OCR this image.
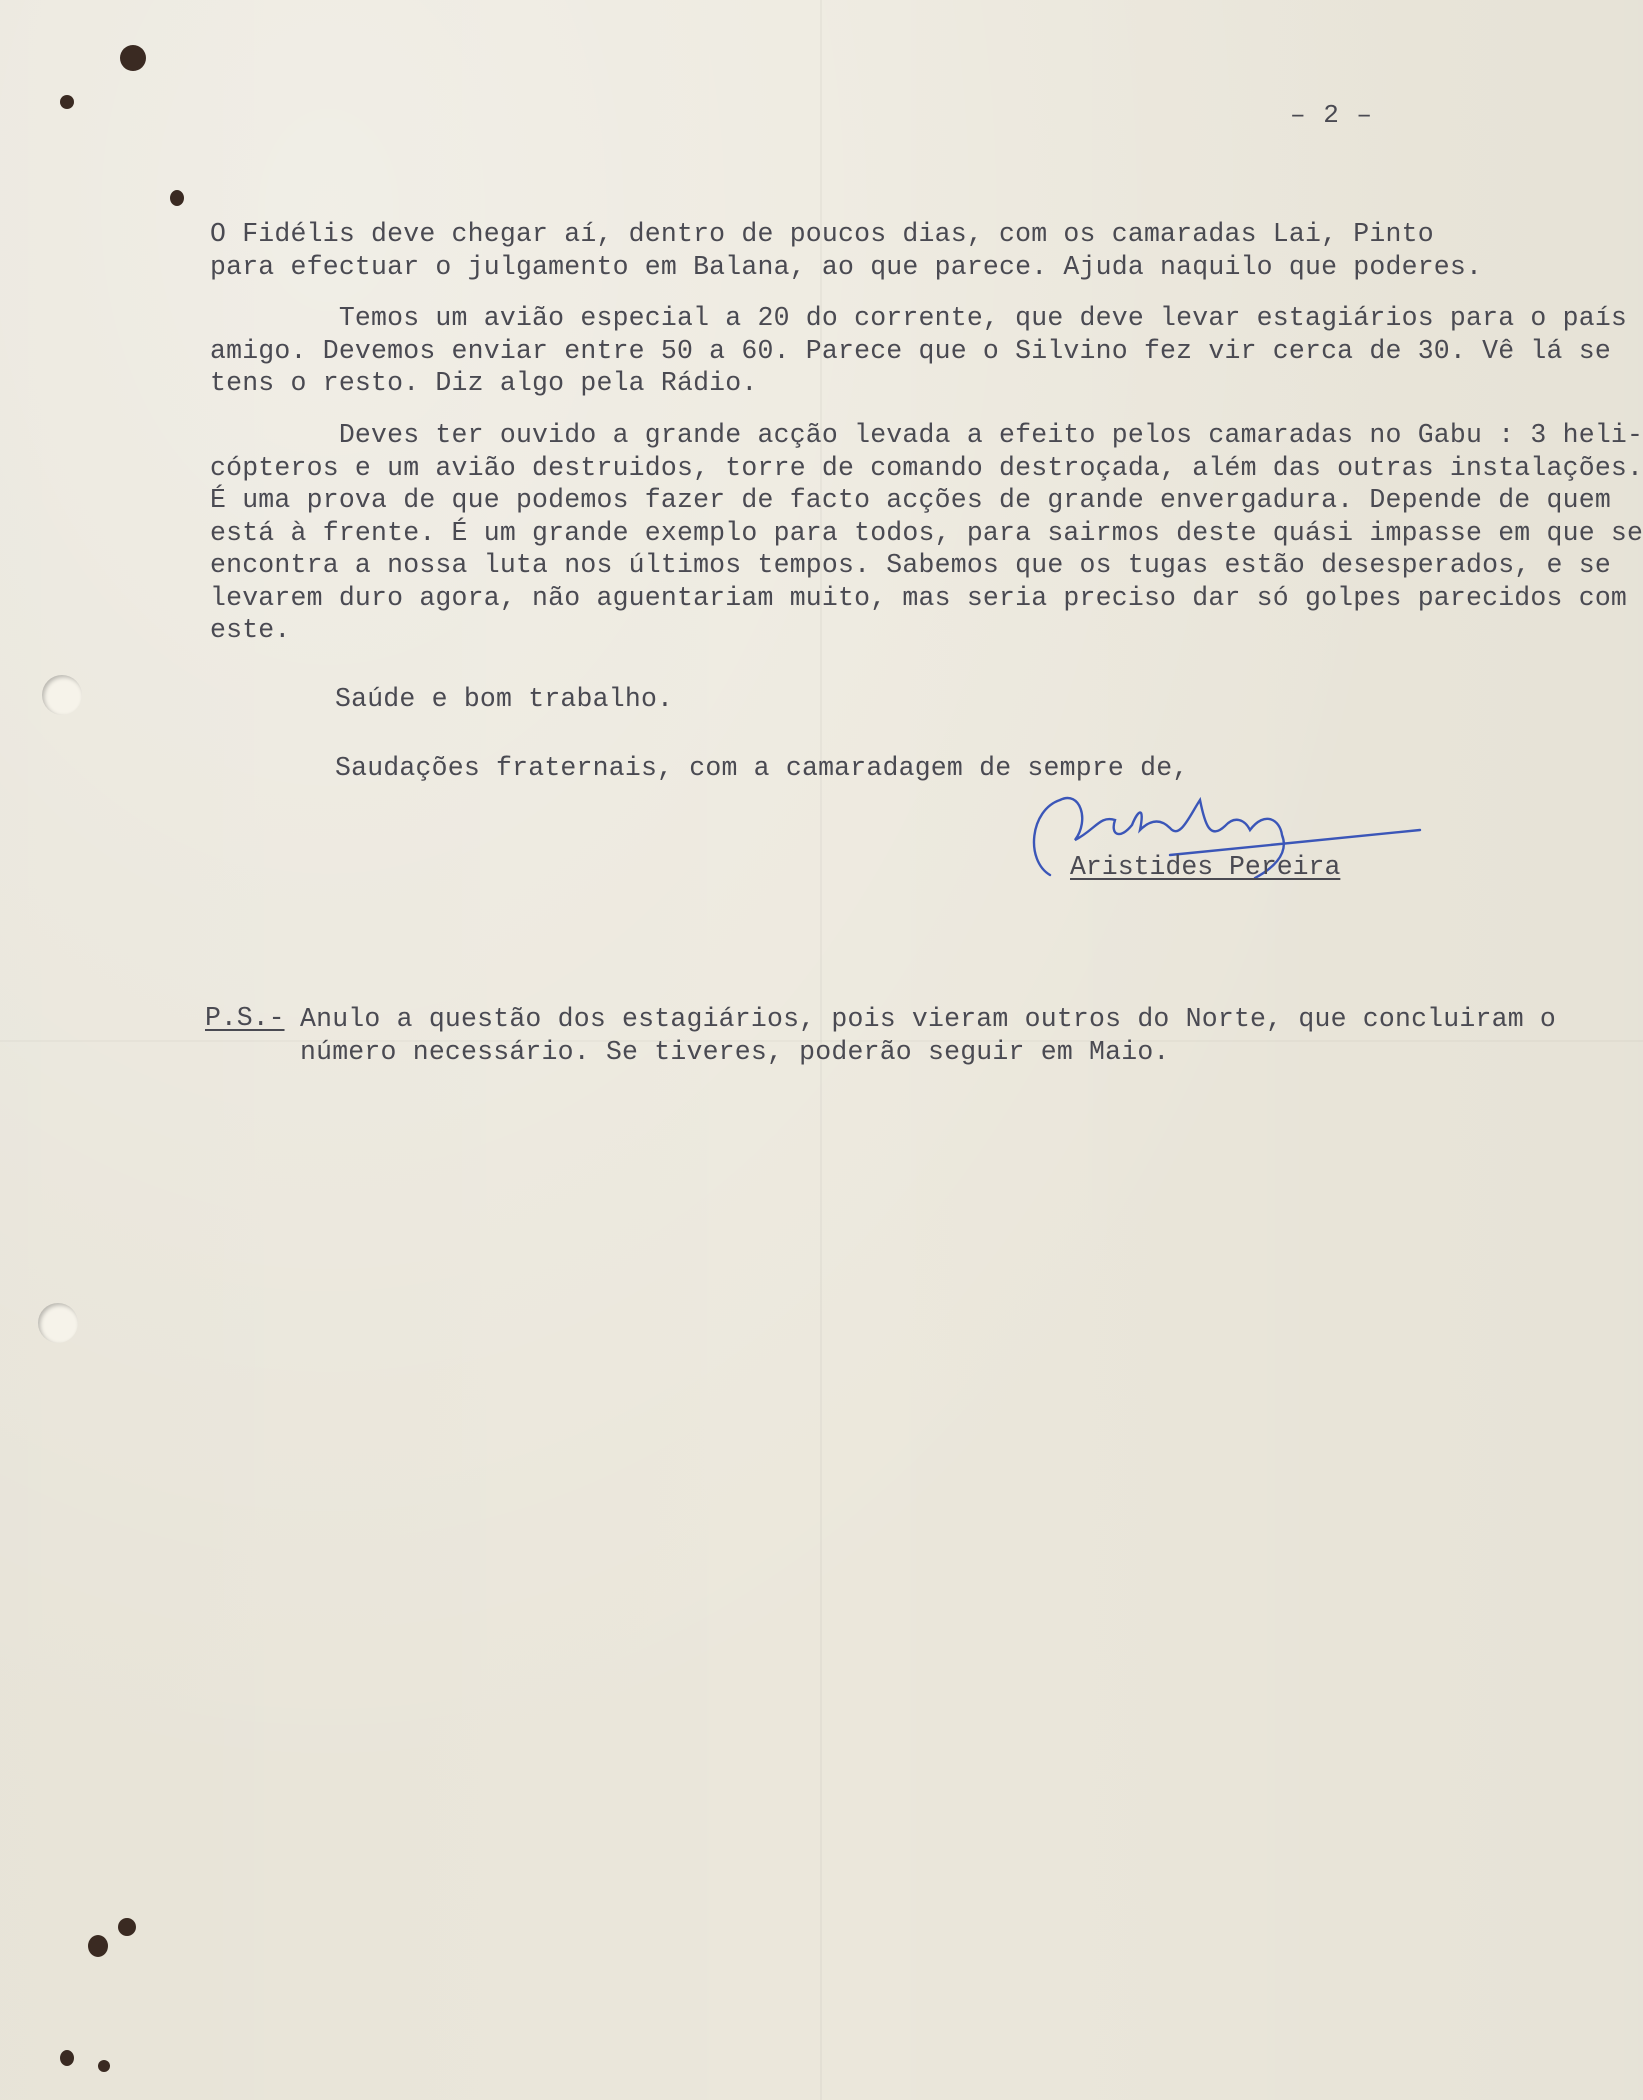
– 2 –
O Fidélis deve chegar aí, dentro de poucos dias, com os camaradas Lai, Pinto
para efectuar o julgamento em Balana, ao que parece. Ajuda naquilo que poderes.
Temos um avião especial a 20 do corrente, que deve levar estagiários para o país
amigo. Devemos enviar entre 50 a 60. Parece que o Silvino fez vir cerca de 30. Vê lá se
tens o resto. Diz algo pela Rádio.
Deves ter ouvido a grande acção levada a efeito pelos camaradas no Gabu : 3 heli-
cópteros e um avião destruidos, torre de comando destroçada, além das outras instalações.
É uma prova de que podemos fazer de facto acções de grande envergadura. Depende de quem
está à frente. É um grande exemplo para todos, para sairmos deste quási impasse em que se
encontra a nossa luta nos últimos tempos. Sabemos que os tugas estão desesperados, e se
levarem duro agora, não aguentariam muito, mas seria preciso dar só golpes parecidos com
este.
Saúde e bom trabalho.
Saudações fraternais, com a camaradagem de sempre de,
Aristides Pereira
P.S.- Anulo a questão dos estagiários, pois vieram outros do Norte, que concluiram o
número necessário. Se tiveres, poderão seguir em Maio.
